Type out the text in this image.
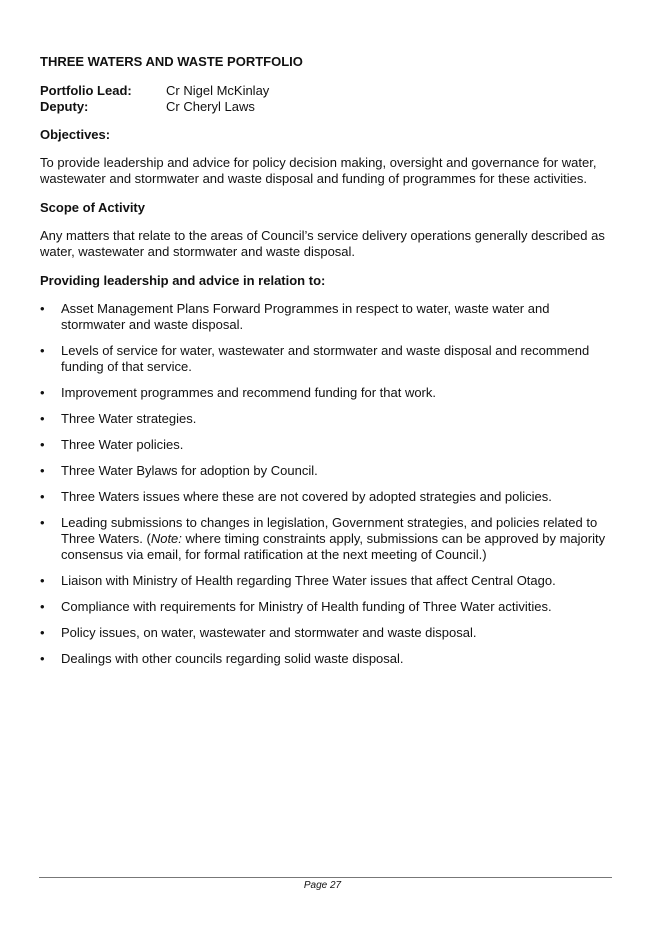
THREE WATERS AND WASTE PORTFOLIO
Portfolio Lead:	Cr Nigel McKinlay
Deputy:	Cr Cheryl Laws
Objectives:

To provide leadership and advice for policy decision making, oversight and governance for water, wastewater and stormwater and waste disposal and funding of programmes for these activities.

Scope of Activity

Any matters that relate to the areas of Council’s service delivery operations generally described as water, wastewater and stormwater and waste disposal.

Providing leadership and advice in relation to:
• Asset Management Plans Forward Programmes in respect to water, waste water and stormwater and waste disposal.
• Levels of service for water, wastewater and stormwater and waste disposal and recommend funding of that service.
• Improvement programmes and recommend funding for that work.
• Three Water strategies.
• Three Water policies.
• Three Water Bylaws for adoption by Council.
• Three Waters issues where these are not covered by adopted strategies and policies.
• Leading submissions to changes in legislation, Government strategies, and policies related to Three Waters. (Note: where timing constraints apply, submissions can be approved by majority consensus via email, for formal ratification at the next meeting of Council.)
• Liaison with Ministry of Health regarding Three Water issues that affect Central Otago.
• Compliance with requirements for Ministry of Health funding of Three Water activities.
• Policy issues, on water, wastewater and stormwater and waste disposal.
• Dealings with other councils regarding solid waste disposal.
Page 27
